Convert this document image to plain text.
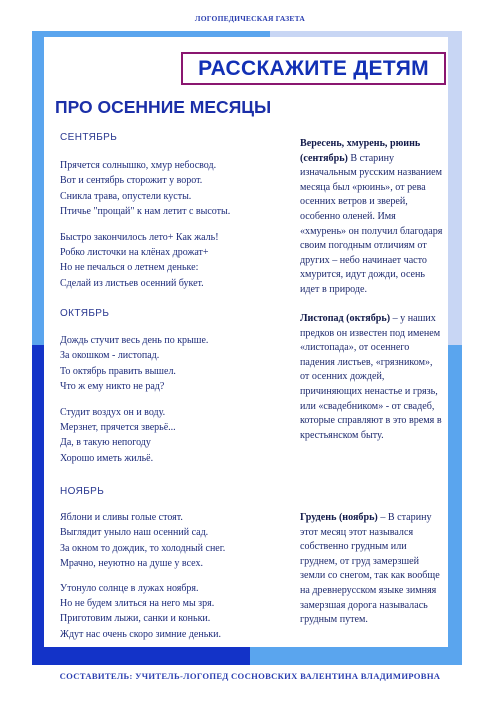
ЛОГОПЕДИЧЕСКАЯ ГАЗЕТА
РАССКАЖИТЕ ДЕТЯМ
ПРО ОСЕННИЕ МЕСЯЦЫ
СЕНТЯБРЬ

Прячется солнышко, хмур небосвод.

Вот и сентябрь сторожит у ворот.

Сникла трава, опустели кусты.

Птичье "прощай" к нам летит с высоты.

Быстро закончилось лето+ Как жаль!

Робко листочки на клёнах дрожат+

Но не печалься о летнем деньке:

Сделай из листьев осенний букет.

ОКТЯБРЬ

Дождь стучит весь день по крыше.

За окошком - листопад.

То октябрь править вышел.

Что ж ему никто не рад?

Студит воздух он и воду.

Мерзнет, прячется зверьё...

Да, в такую непогоду

Хорошо иметь жильё.

НОЯБРЬ

Яблони и сливы голые стоят.

Выглядит уныло наш осенний сад.

За окном то дождик, то холодный снег.

Мрачно, неуютно на душе у всех.

Утонуло солнце в лужах ноября.

Но не будем злиться на него мы зря.

Приготовим лыжи, санки и коньки.

Ждут нас очень скоро зимние деньки.

Вересень, хмурень, рюинь (сентябрь) В старину изначальным русским названием месяца был «рюинь», от рева осенних ветров и зверей, особенно оленей. Имя «хмурень» он получил благодаря своим погодным отличиям от других – небо начинает часто хмурится, идут дожди, осень идет в природе.
Листопад (октябрь) – у наших предков он известен под именем «листопада», от осеннего падения листьев, «грязником», от осенних дождей, причиняющих ненастье и грязь, или «свадебником» - от свадеб, которые справляют в это время в крестьянском быту.
Грудень (ноябрь) – В старину этот месяц этот назывался собственно грудным или груднем, от груд замерзшей земли со снегом, так как вообще на древнерусском языке зимняя замерзшая дорога называлась грудным путем.
СОСТАВИТЕЛЬ: УЧИТЕЛЬ-ЛОГОПЕД СОСНОВСКИХ ВАЛЕНТИНА ВЛАДИМИРОВНА
